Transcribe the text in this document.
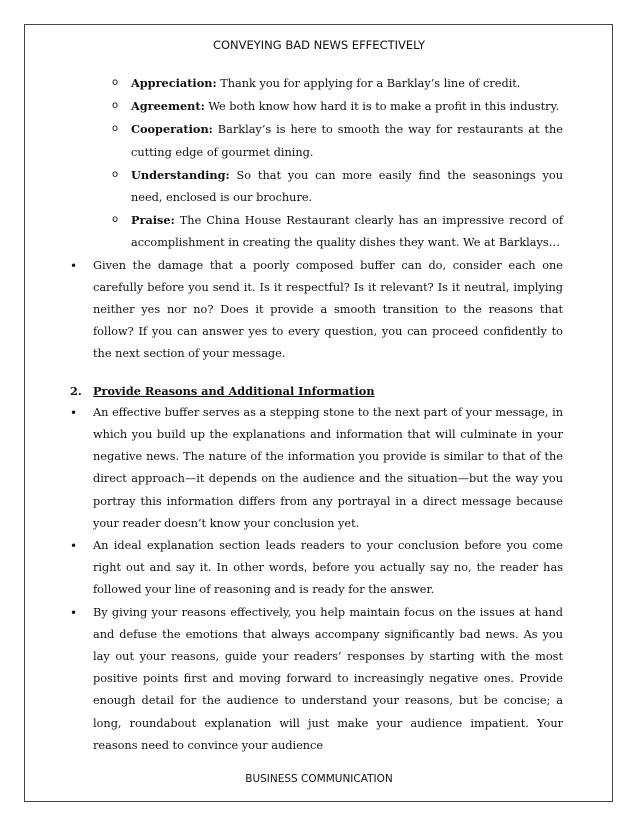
CONVEYING BAD NEWS EFFECTIVELY

o Appreciation: Thank you for applying for a Barklay’s line of credit.

o Agreement: We both know how hard it is to make a profit in this industry.

o Cooperation: Barklay’s is here to smooth the way for restaurants at the cutting edge of gourmet dining.

o Understanding: So that you can more easily find the seasonings you need, enclosed is our brochure.

o Praise: The China House Restaurant clearly has an impressive record of accomplishment in creating the quality dishes they want. We at Barklays…

• Given the damage that a poorly composed buffer can do, consider each one carefully before you send it. Is it respectful? Is it relevant? Is it neutral, implying neither yes nor no? Does it provide a smooth transition to the reasons that follow? If you can answer yes to every question, you can proceed confidently to the next section of your message.

2. Provide Reasons and Additional Information

• An effective buffer serves as a stepping stone to the next part of your message, in which you build up the explanations and information that will culminate in your negative news. The nature of the information you provide is similar to that of the direct approach—it depends on the audience and the situation—but the way you portray this information differs from any portrayal in a direct message because your reader doesn’t know your conclusion yet.

• An ideal explanation section leads readers to your conclusion before you come right out and say it. In other words, before you actually say no, the reader has followed your line of reasoning and is ready for the answer.

• By giving your reasons effectively, you help maintain focus on the issues at hand and defuse the emotions that always accompany significantly bad news. As you lay out your reasons, guide your readers’ responses by starting with the most positive points first and moving forward to increasingly negative ones. Provide enough detail for the audience to understand your reasons, but be concise; a long, roundabout explanation will just make your audience impatient. Your reasons need to convince your audience

BUSINESS COMMUNICATION
